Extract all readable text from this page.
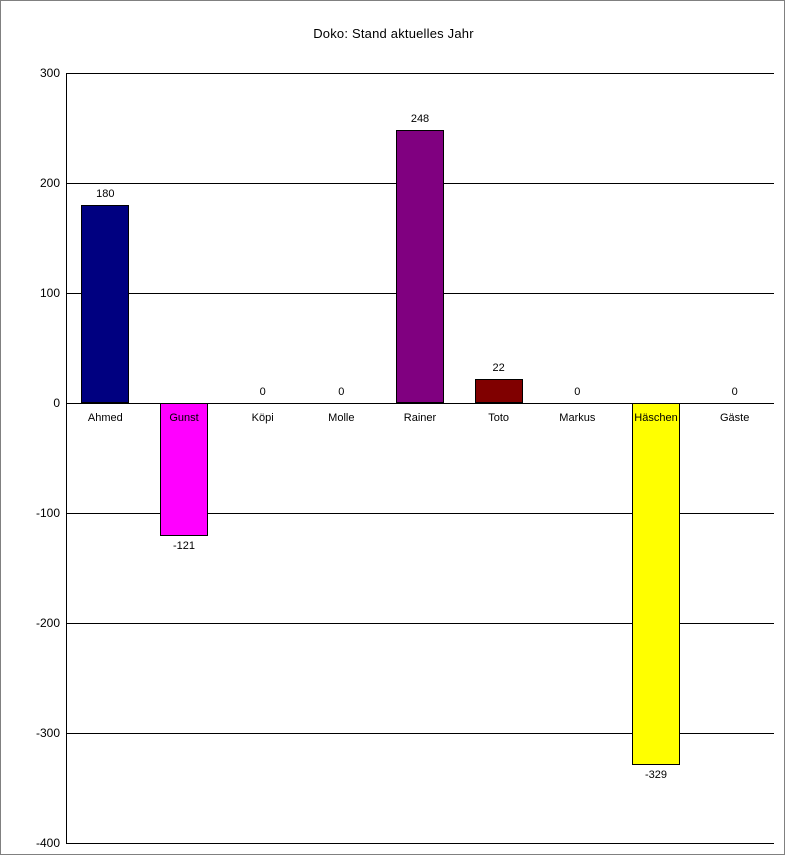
Doko: Stand aktuelles Jahr
300
200
100
0
-100
-200
-300
-400
180
-121
0	0
248
22
0
-329
0
Ahmed	Gunst	Köpi	Molle	Rainer	Toto	Markus	Häschen	Gäste
